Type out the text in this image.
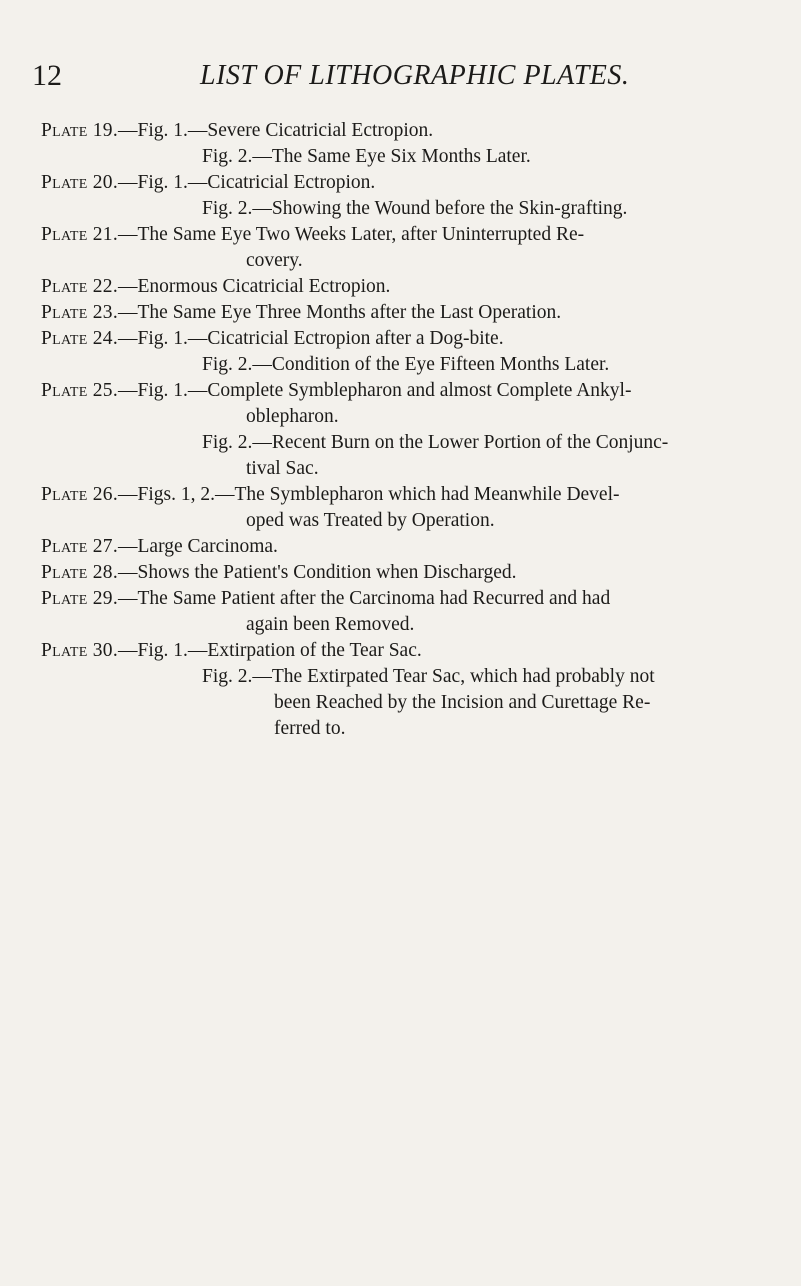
12	LIST OF LITHOGRAPHIC PLATES.
Plate 19.—Fig. 1.—Severe Cicatricial Ectropion.
Fig. 2.—The Same Eye Six Months Later.
Plate 20.—Fig. 1.—Cicatricial Ectropion.
Fig. 2.—Showing the Wound before the Skin-grafting.
Plate 21.—The Same Eye Two Weeks Later, after Uninterrupted Re-
covery.
Plate 22.—Enormous Cicatricial Ectropion.
Plate 23.—The Same Eye Three Months after the Last Operation.
Plate 24.—Fig. 1.—Cicatricial Ectropion after a Dog-bite.
Fig. 2.—Condition of the Eye Fifteen Months Later.
Plate 25.—Fig. 1.—Complete Symblepharon and almost Complete Ankyl-
oblepharon.
Fig. 2.—Recent Burn on the Lower Portion of the Conjunc-
tival Sac.
Plate 26.—Figs. 1, 2.—The Symblepharon which had Meanwhile Devel-
oped was Treated by Operation.
Plate 27.—Large Carcinoma.
Plate 28.—Shows the Patient's Condition when Discharged.
Plate 29.—The Same Patient after the Carcinoma had Recurred and had
again been Removed.
Plate 30.—Fig. 1.—Extirpation of the Tear Sac.
Fig. 2.—The Extirpated Tear Sac, which had probably not
been Reached by the Incision and Curettage Re-
ferred to.
